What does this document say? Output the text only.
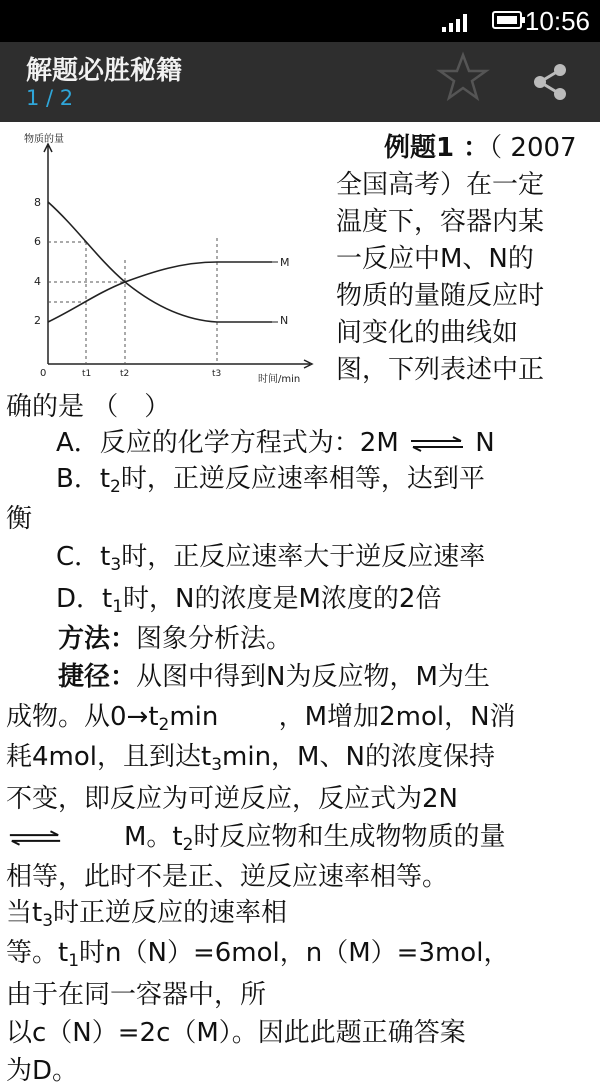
10:56
解题必胜秘籍
1 / 2
物质的量
8
6
4
2
0	t1	t2	t3	时间/min
M
N
例题1 ：（ 2007
全国高考）在一定
温度下，容器内某
一反应中M、N的
物质的量随反应时
间变化的曲线如
图，下列表述中正
确的是 （　）
A．反应的化学方程式为：2M ⇌ N
B．$t_2$时，正逆反应速率相等，达到平
衡
C．$t_3$时，正反应速率大于逆反应速率
D．$t_1$时，N的浓度是M浓度的2倍
方法：图象分析法。
捷径：从图中得到N为反应物，M为生
成物。从$0\to t_2\min$　　 ，M增加2mol，N消
耗4mol，且到达$t_3\min$，M、N的浓度保持
不变，即反应为可逆反应，反应式为2N
M。$t_2$时反应物和生成物物质的量
相等，此时不是正、逆反应速率相等。
当$t_3$时正逆反应的速率相
等。$t_1$时n（N）=6mol，n（M）=3mol，
由于在同一容器中，所
以c（N）=2c（M）。因此此题正确答案
为D。
